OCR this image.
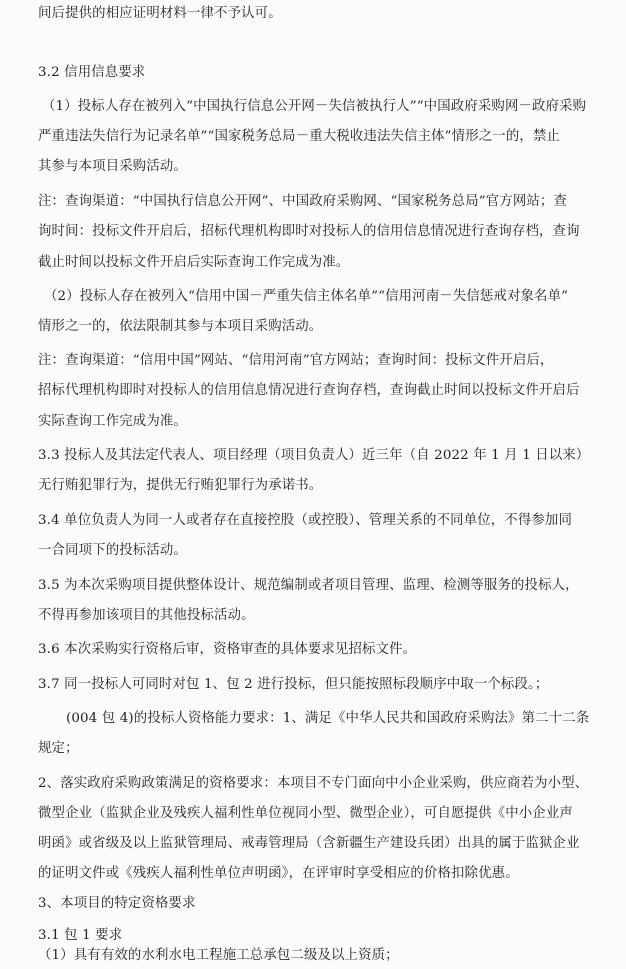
间后提供的相应证明材料一律不予认可。

3.2 信用信息要求

（1）投标人存在被列入“中国执行信息公开网－失信被执行人”“中国政府采购网－政府采购

严重违法失信行为记录名单”“国家税务总局－重大税收违法失信主体”情形之一的，禁止

其参与本项目采购活动。

注：查询渠道：“中国执行信息公开网”、中国政府采购网、“国家税务总局”官方网站；查

询时间：投标文件开启后，招标代理机构即时对投标人的信用信息情况进行查询存档，查询

截止时间以投标文件开启后实际查询工作完成为准。

（2）投标人存在被列入“信用中国－严重失信主体名单”“信用河南－失信惩戒对象名单”

情形之一的，依法限制其参与本项目采购活动。

注：查询渠道：“信用中国”网站、“信用河南”官方网站；查询时间：投标文件开启后，

招标代理机构即时对投标人的信用信息情况进行查询存档，查询截止时间以投标文件开启后

实际查询工作完成为准。

3.3 投标人及其法定代表人、项目经理（项目负责人）近三年（自 2022 年 1 月 1 日以来）

无行贿犯罪行为，提供无行贿犯罪行为承诺书。

3.4 单位负责人为同一人或者存在直接控股（或控股）、管理关系的不同单位，不得参加同

一合同项下的投标活动。

3.5 为本次采购项目提供整体设计、规范编制或者项目管理、监理、检测等服务的投标人，

不得再参加该项目的其他投标活动。

3.6 本次采购实行资格后审，资格审查的具体要求见招标文件。

3.7 同一投标人可同时对包 1、包 2 进行投标，但只能按照标段顺序中取一个标段。；

(004 包 4)的投标人资格能力要求：1、满足《中华人民共和国政府采购法》第二十二条

规定；

2、落实政府采购政策满足的资格要求：本项目不专门面向中小企业采购，供应商若为小型、

微型企业（监狱企业及残疾人福利性单位视同小型、微型企业），可自愿提供《中小企业声

明函》或省级及以上监狱管理局、戒毒管理局（含新疆生产建设兵团）出具的属于监狱企业

的证明文件或《残疾人福利性单位声明函》，在评审时享受相应的价格扣除优惠。

3、本项目的特定资格要求

3.1 包 1 要求

（1）具有有效的水利水电工程施工总承包二级及以上资质；
